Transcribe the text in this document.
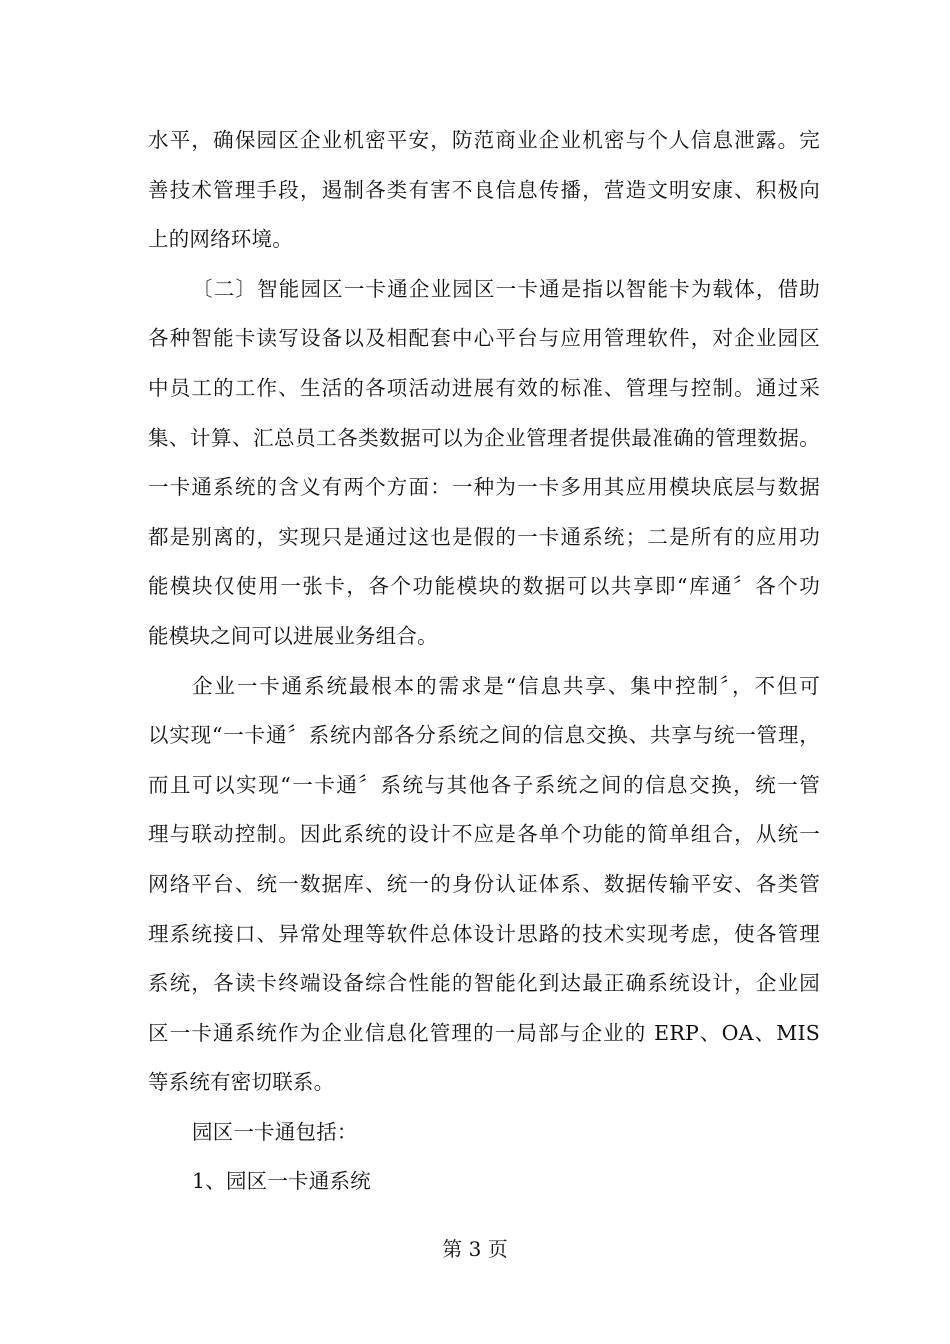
水平，确保园区企业机密平安，防范商业企业机密与个人信息泄露。完
善技术管理手段，遏制各类有害不良信息传播，营造文明安康、积极向
上的网络环境。
〔二〕智能园区一卡通企业园区一卡通是指以智能卡为载体，借助
各种智能卡读写设备以及相配套中心平台与应用管理软件，对企业园区
中员工的工作、生活的各项活动进展有效的标准、管理与控制。通过采
集、计算、汇总员工各类数据可以为企业管理者提供最准确的管理数据。
一卡通系统的含义有两个方面：一种为一卡多用其应用模块底层与数据
都是别离的，实现只是通过这也是假的一卡通系统；二是所有的应用功
能模块仅使用一张卡，各个功能模块的数据可以共享即“库通〞各个功
能模块之间可以进展业务组合。
企业一卡通系统最根本的需求是“信息共享、集中控制〞，不但可
以实现“一卡通〞系统内部各分系统之间的信息交换、共享与统一管理，
而且可以实现“一卡通〞系统与其他各子系统之间的信息交换，统一管
理与联动控制。因此系统的设计不应是各单个功能的简单组合，从统一
网络平台、统一数据库、统一的身份认证体系、数据传输平安、各类管
理系统接口、异常处理等软件总体设计思路的技术实现考虑，使各管理
系统，各读卡终端设备综合性能的智能化到达最正确系统设计，企业园
区一卡通系统作为企业信息化管理的一局部与企业的 ERP、OA、MIS
等系统有密切联系。
园区一卡通包括：
1、园区一卡通系统
第 3 页
